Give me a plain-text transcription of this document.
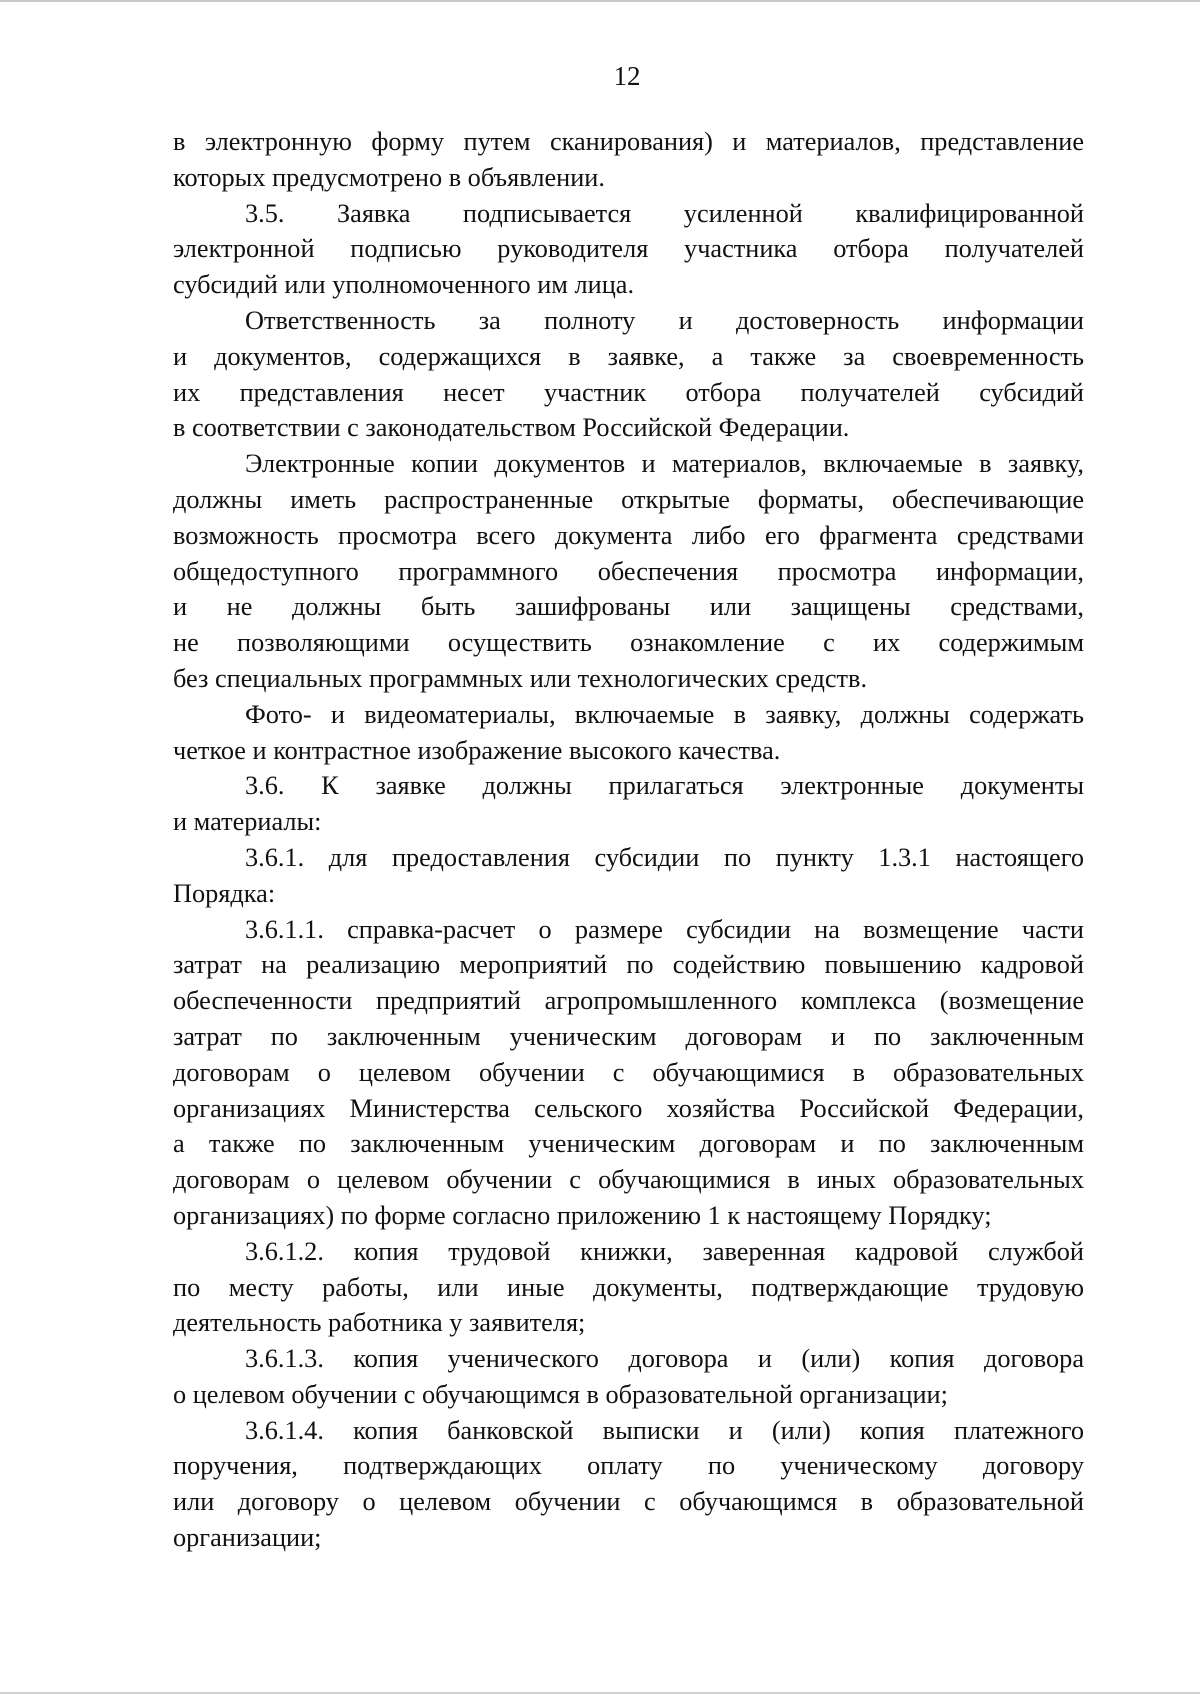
12
в электронную форму путем сканирования) и материалов, представление
которых предусмотрено в объявлении.
3.5. Заявка подписывается усиленной квалифицированной
электронной подписью руководителя участника отбора получателей
субсидий или уполномоченного им лица.
Ответственность за полноту и достоверность информации
и документов, содержащихся в заявке, а также за своевременность
их представления несет участник отбора получателей субсидий
в соответствии с законодательством Российской Федерации.
Электронные копии документов и материалов, включаемые в заявку,
должны иметь распространенные открытые форматы, обеспечивающие
возможность просмотра всего документа либо его фрагмента средствами
общедоступного программного обеспечения просмотра информации,
и не должны быть зашифрованы или защищены средствами,
не позволяющими осуществить ознакомление с их содержимым
без специальных программных или технологических средств.
Фото- и видеоматериалы, включаемые в заявку, должны содержать
четкое и контрастное изображение высокого качества.
3.6. К заявке должны прилагаться электронные документы
и материалы:
3.6.1. для предоставления субсидии по пункту 1.3.1 настоящего
Порядка:
3.6.1.1. справка-расчет о размере субсидии на возмещение части
затрат на реализацию мероприятий по содействию повышению кадровой
обеспеченности предприятий агропромышленного комплекса (возмещение
затрат по заключенным ученическим договорам и по заключенным
договорам о целевом обучении с обучающимися в образовательных
организациях Министерства сельского хозяйства Российской Федерации,
а также по заключенным ученическим договорам и по заключенным
договорам о целевом обучении с обучающимися в иных образовательных
организациях) по форме согласно приложению 1 к настоящему Порядку;
3.6.1.2. копия трудовой книжки, заверенная кадровой службой
по месту работы, или иные документы, подтверждающие трудовую
деятельность работника у заявителя;
3.6.1.3. копия ученического договора и (или) копия договора
о целевом обучении с обучающимся в образовательной организации;
3.6.1.4. копия банковской выписки и (или) копия платежного
поручения, подтверждающих оплату по ученическому договору
или договору о целевом обучении с обучающимся в образовательной
организации;
